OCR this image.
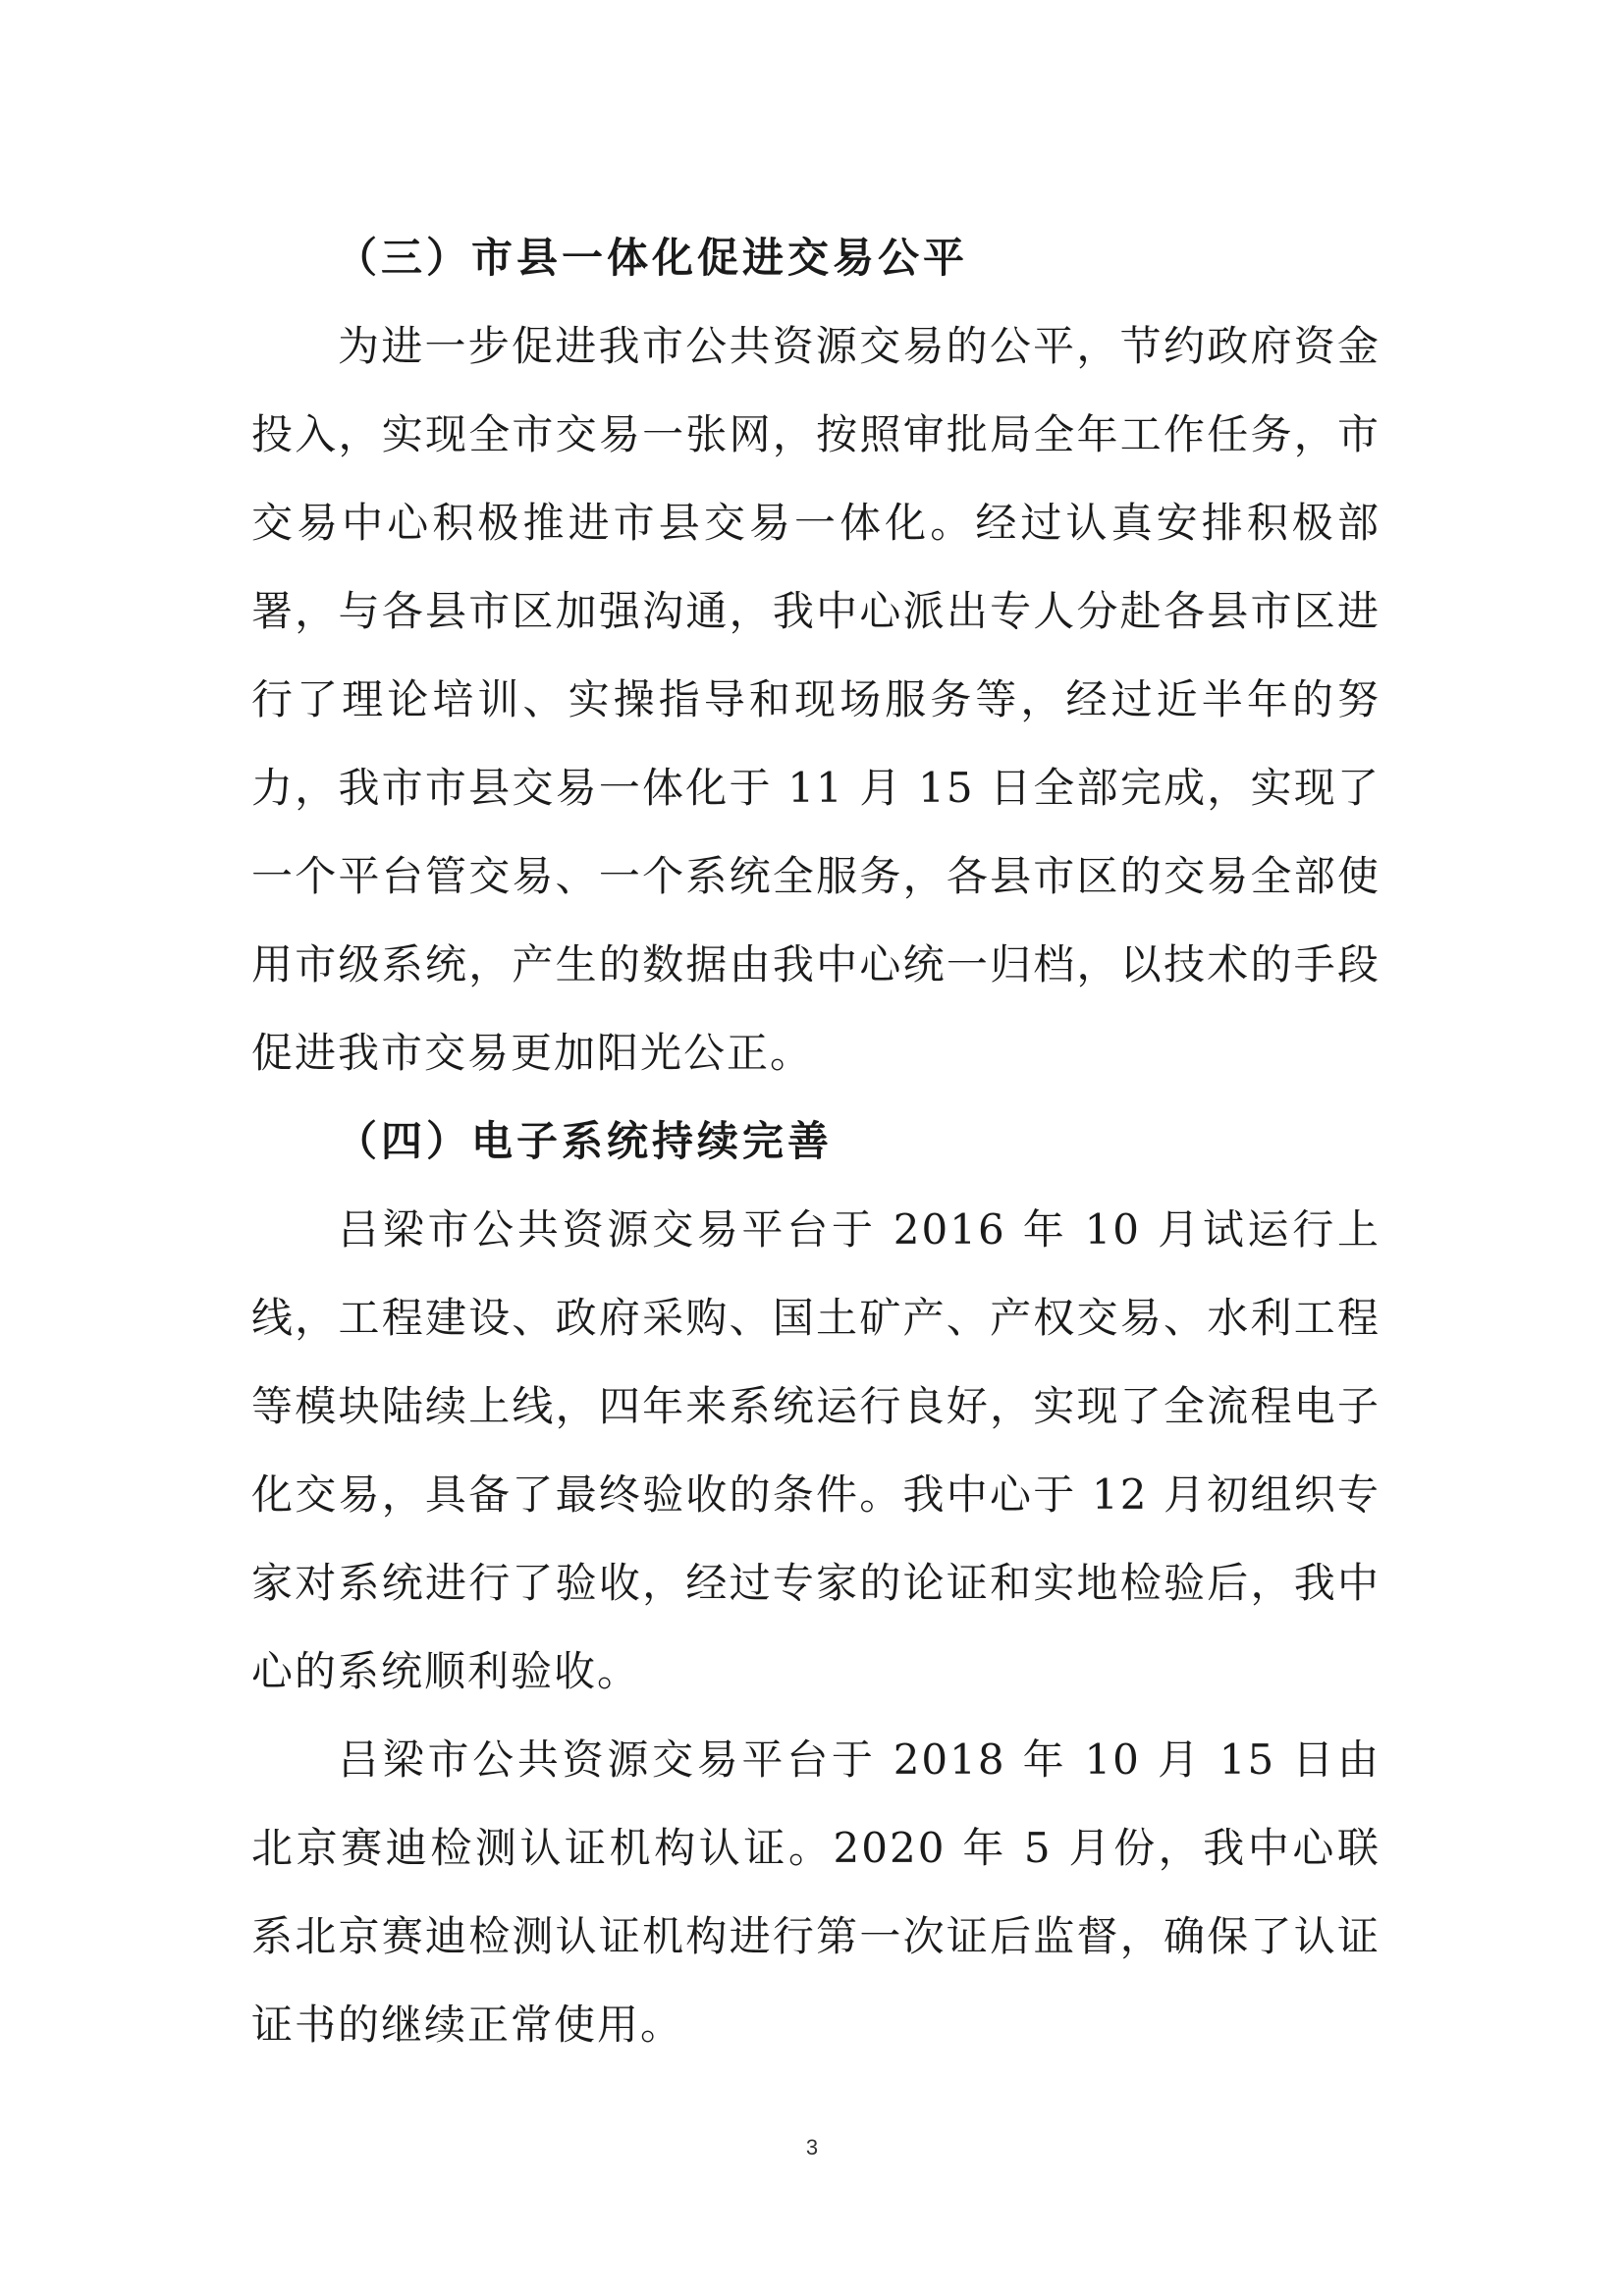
（三）市县一体化促进交易公平

为进一步促进我市公共资源交易的公平，节约政府资金投入，实现全市交易一张网，按照审批局全年工作任务，市交易中心积极推进市县交易一体化。经过认真安排积极部署，与各县市区加强沟通，我中心派出专人分赴各县市区进行了理论培训、实操指导和现场服务等，经过近半年的努力，我市市县交易一体化于 11 月 15 日全部完成，实现了一个平台管交易、一个系统全服务，各县市区的交易全部使用市级系统，产生的数据由我中心统一归档，以技术的手段促进我市交易更加阳光公正。

（四）电子系统持续完善

吕梁市公共资源交易平台于 2016 年 10 月试运行上线，工程建设、政府采购、国土矿产、产权交易、水利工程等模块陆续上线，四年来系统运行良好，实现了全流程电子化交易，具备了最终验收的条件。我中心于 12 月初组织专家对系统进行了验收，经过专家的论证和实地检验后，我中心的系统顺利验收。

吕梁市公共资源交易平台于 2018 年 10 月 15 日由北京赛迪检测认证机构认证。2020 年 5 月份，我中心联系北京赛迪检测认证机构进行第一次证后监督，确保了认证证书的继续正常使用。

3
